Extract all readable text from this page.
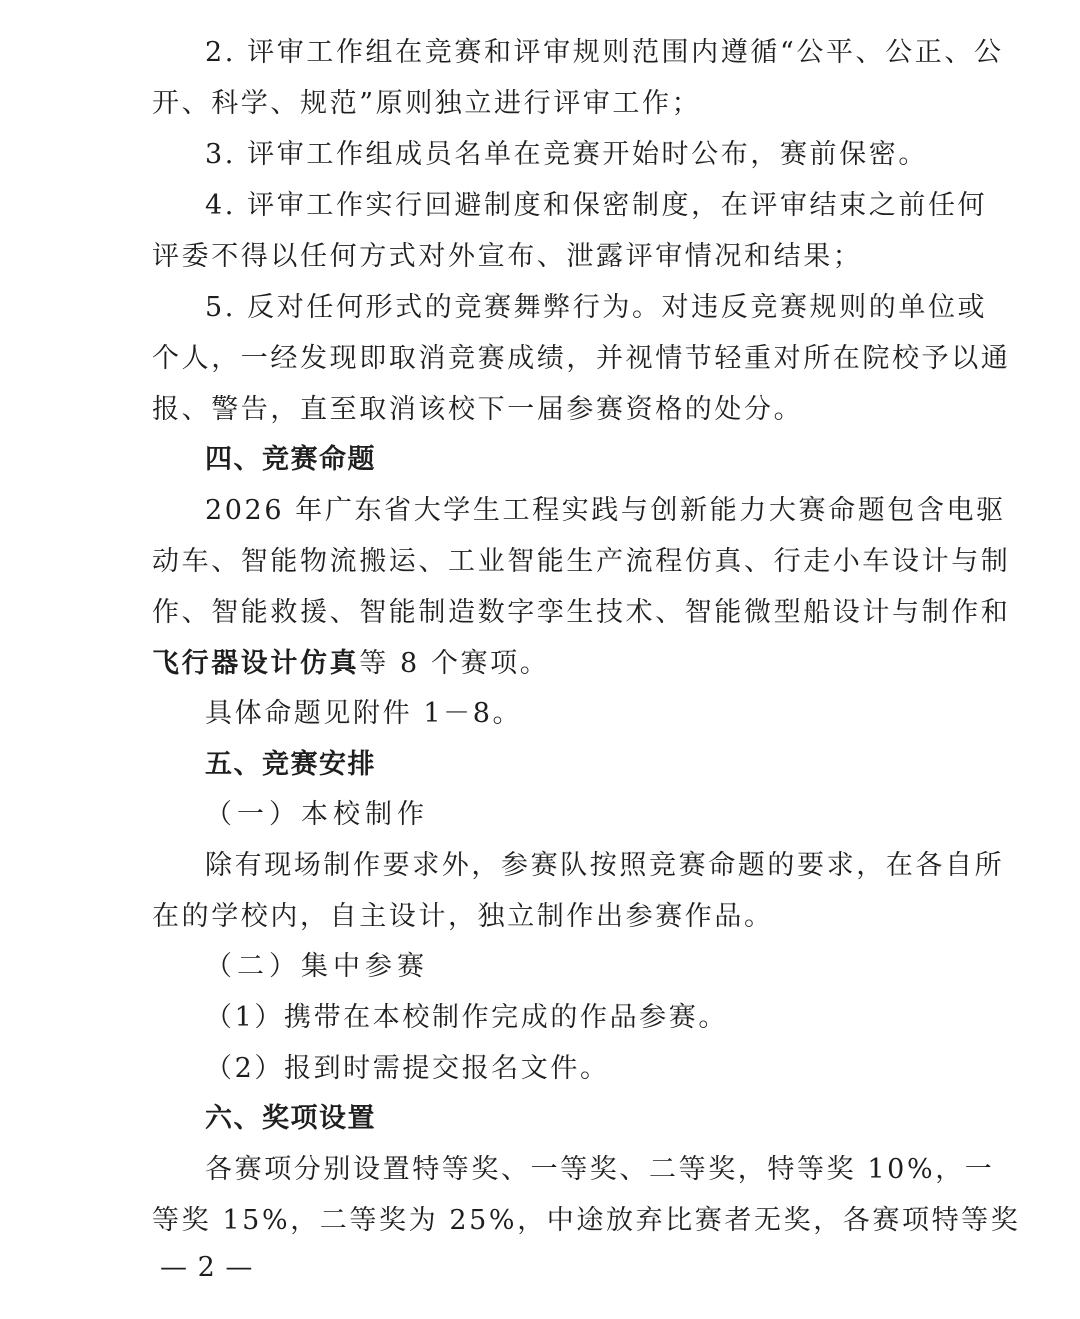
2. 评审工作组在竞赛和评审规则范围内遵循“公平、公正、公
开、科学、规范”原则独立进行评审工作；
3. 评审工作组成员名单在竞赛开始时公布，赛前保密。
4. 评审工作实行回避制度和保密制度，在评审结束之前任何
评委不得以任何方式对外宣布、泄露评审情况和结果；
5. 反对任何形式的竞赛舞弊行为。对违反竞赛规则的单位或
个人，一经发现即取消竞赛成绩，并视情节轻重对所在院校予以通
报、警告，直至取消该校下一届参赛资格的处分。
四、竞赛命题
2026 年广东省大学生工程实践与创新能力大赛命题包含电驱
动车、智能物流搬运、工业智能生产流程仿真、行走小车设计与制
作、智能救援、智能制造数字孪生技术、智能微型船设计与制作和
飞行器设计仿真等 8 个赛项。
具体命题见附件 1－8。
五、竞赛安排
（一）本校制作
除有现场制作要求外，参赛队按照竞赛命题的要求，在各自所
在的学校内，自主设计，独立制作出参赛作品。
（二）集中参赛
（1）携带在本校制作完成的作品参赛。
（2）报到时需提交报名文件。
六、奖项设置
各赛项分别设置特等奖、一等奖、二等奖，特等奖 10%，一
等奖 15%，二等奖为 25%，中途放弃比赛者无奖，各赛项特等奖
— 2 —
